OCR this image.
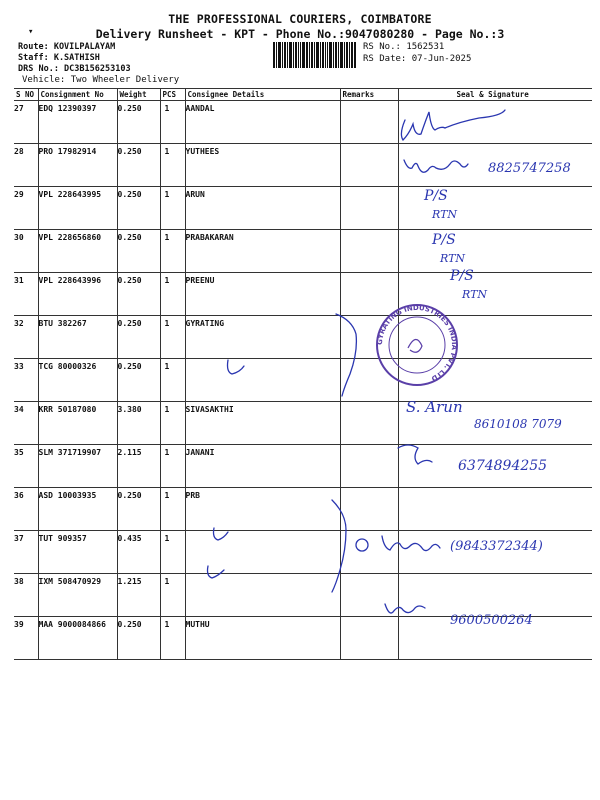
▾
THE PROFESSIONAL COURIERS, COIMBATORE
Delivery Runsheet - KPT - Phone No.:9047080280 - Page No.:3
Route: KOVILPALAYAM
Staff: K.SATHISH
DRS No.: DC3B156253103
Vehicle: Two Wheeler Delivery
RS No.: 1562531
RS Date: 07-Jun-2025
S NO	Consignment No	Weight	PCS	Consignee Details	Remarks	Seal & Signature
27	EDQ 12390397	0.250	1	AANDAL		
28	PRO 17982914	0.250	1	YUTHEES		
29	VPL 228643995	0.250	1	ARUN		
30	VPL 228656860	0.250	1	PRABAKARAN		
31	VPL 228643996	0.250	1	PREENU		
32	BTU 382267	0.250	1	GYRATING		
33	TCG 80000326	0.250	1			
34	KRR 50187080	3.380	1	SIVASAKTHI		
35	SLM 371719907	2.115	1	JANANI		
36	ASD 10003935	0.250	1	PRB		
37	TUT 909357	0.435	1			
38	IXM 508470929	1.215	1			
39	MAA 9000084866	0.250	1	MUTHU		
8825747258
P/S
RTN
P/S
RTN
P/S
RTN
S. Arun
8610108 7079
6374894255
(9843372344)
9600500264
GYRATING INDUSTRIES INDIA PVT. LTD
